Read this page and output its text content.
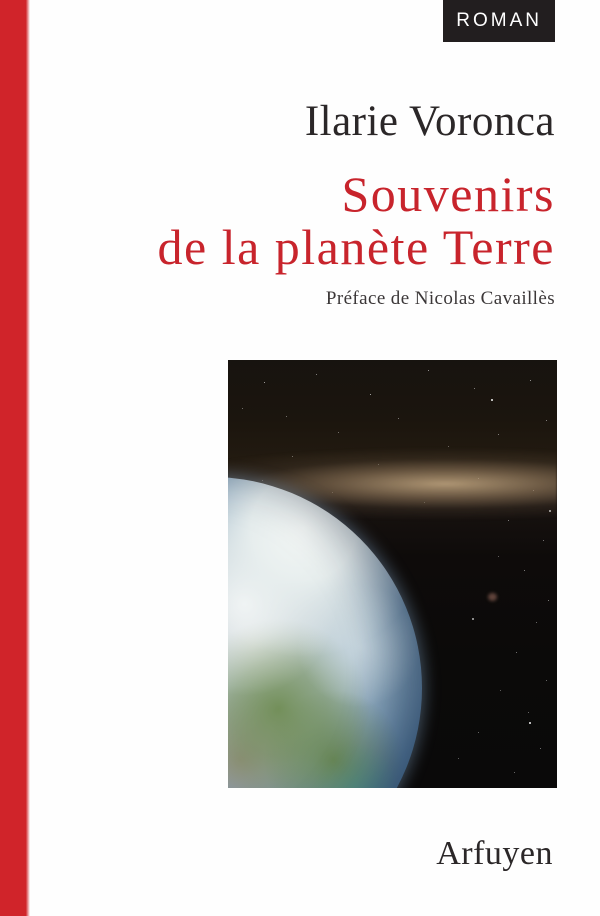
ROMAN
Ilarie Voronca
Souvenirs
de la planète Terre
Préface de Nicolas Cavaillès
Arfuyen
